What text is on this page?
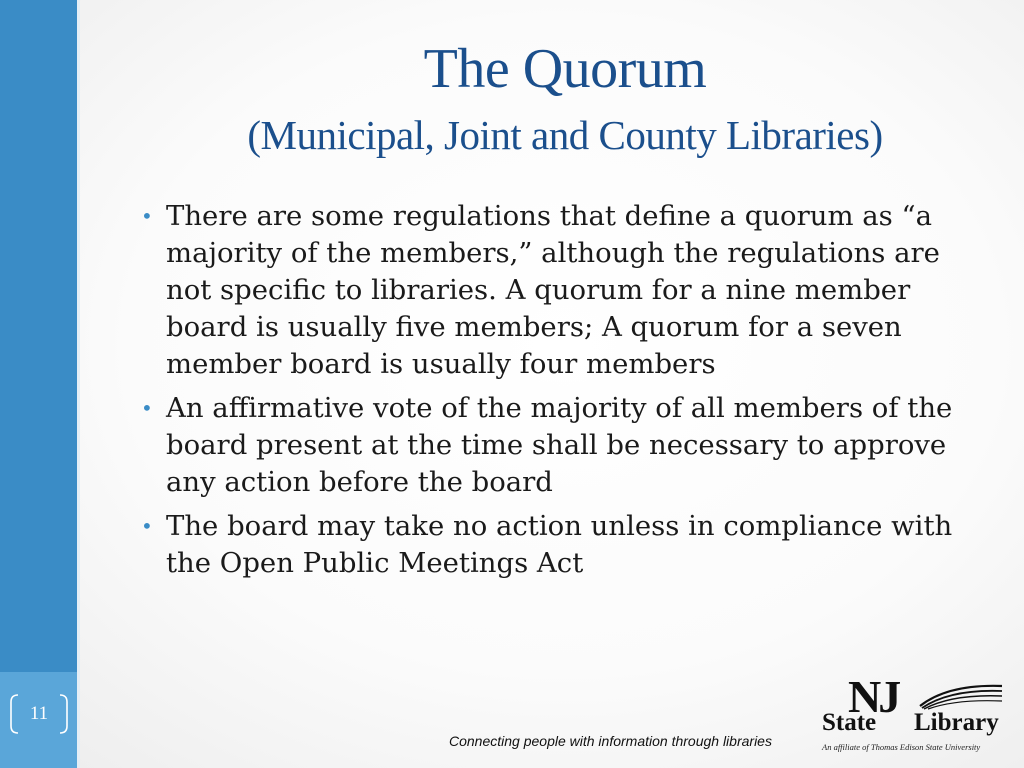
11
The Quorum
(Municipal, Joint and County Libraries)
• There are some regulations that define a quorum as “a majority of the members,” although the regulations are not specific to libraries. A quorum for a nine member board is usually five members; A quorum for a seven member board is usually four members
• An affirmative vote of the majority of all members of the board present at the time shall be necessary to approve any action before the board
• The board may take no action unless in compliance with the Open Public Meetings Act
Connecting people with information through libraries
NJ
State Library
An affiliate of Thomas Edison State University
